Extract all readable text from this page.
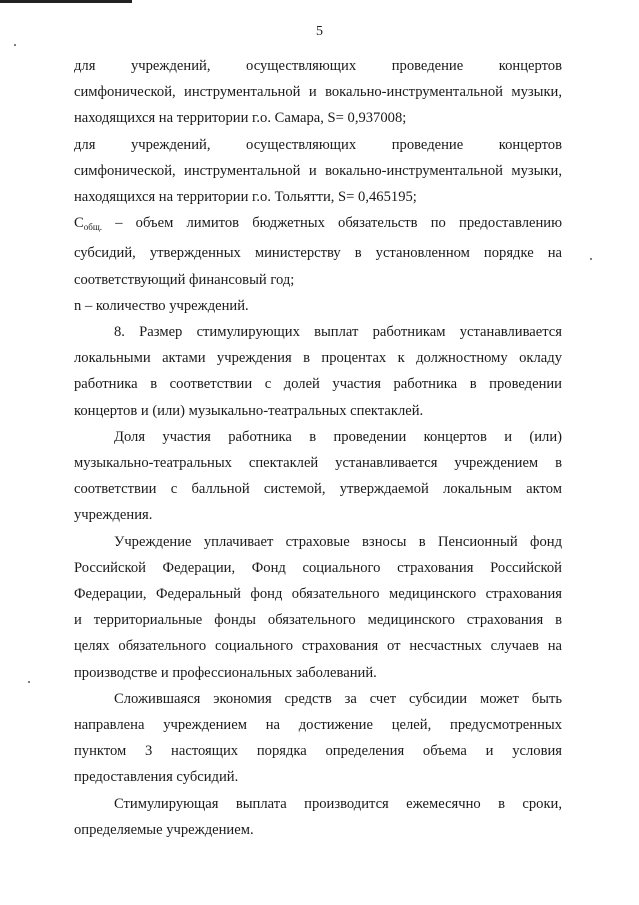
5
для учреждений, осуществляющих проведение концертов
симфонической, инструментальной и вокально-инструментальной музыки,
находящихся на территории г.о. Самара, S= 0,937008;
для учреждений, осуществляющих проведение концертов
симфонической, инструментальной и вокально-инструментальной музыки,
находящихся на территории г.о. Тольятти, S= 0,465195;
$С_{общ.}$ – объем лимитов бюджетных обязательств по предоставлению
субсидий, утвержденных министерству в установленном порядке на
соответствующий финансовый год;
n – количество учреждений.
8. Размер стимулирующих выплат работникам устанавливается
локальными актами учреждения в процентах к должностному окладу
работника в соответствии с долей участия работника в проведении
концертов и (или) музыкально-театральных спектаклей.
Доля участия работника в проведении концертов и (или)
музыкально-театральных спектаклей устанавливается учреждением в
соответствии с балльной системой, утверждаемой локальным актом
учреждения.
Учреждение уплачивает страховые взносы в Пенсионный фонд
Российской Федерации, Фонд социального страхования Российской
Федерации, Федеральный фонд обязательного медицинского страхования
и территориальные фонды обязательного медицинского страхования в
целях обязательного социального страхования от несчастных случаев на
производстве и профессиональных заболеваний.
Сложившаяся экономия средств за счет субсидии может быть
направлена учреждением на достижение целей, предусмотренных
пунктом 3 настоящих порядка определения объема и условия
предоставления субсидий.
Стимулирующая выплата производится ежемесячно в сроки,
определяемые учреждением.
